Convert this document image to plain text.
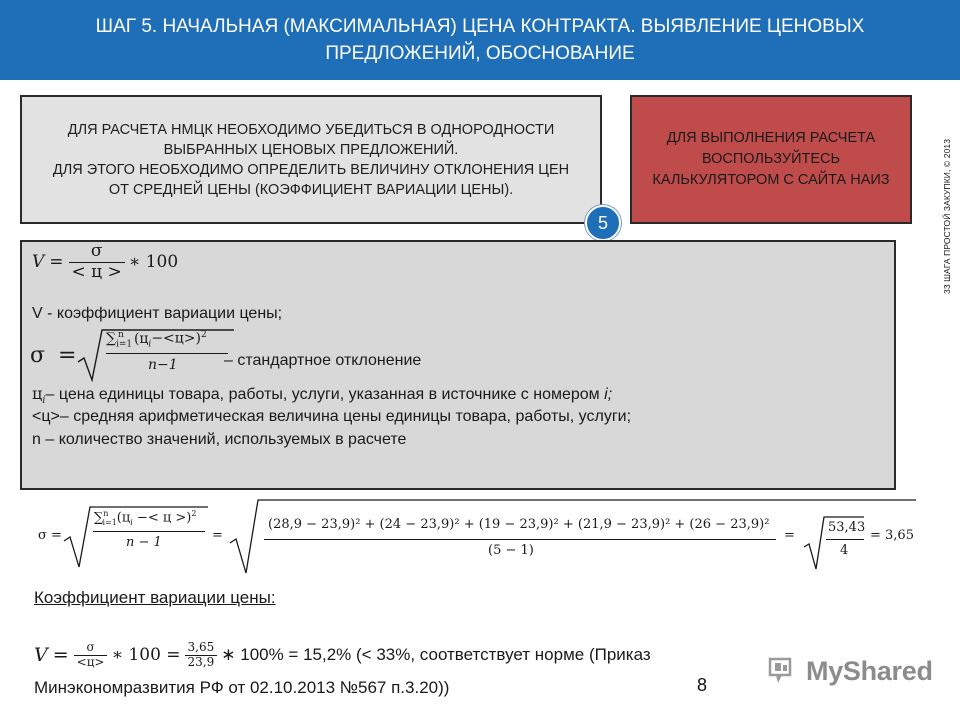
ШАГ 5. НАЧАЛЬНАЯ (МАКСИМАЛЬНАЯ) ЦЕНА КОНТРАКТА. ВЫЯВЛЕНИЕ ЦЕНОВЫХ ПРЕДЛОЖЕНИЙ, ОБОСНОВАНИЕ
ДЛЯ РАСЧЕТА НМЦК НЕОБХОДИМО УБЕДИТЬСЯ В ОДНОРОДНОСТИ
ВЫБРАННЫХ ЦЕНОВЫХ ПРЕДЛОЖЕНИЙ.
ДЛЯ ЭТОГО НЕОБХОДИМО ОПРЕДЕЛИТЬ ВЕЛИЧИНУ ОТКЛОНЕНИЯ ЦЕН
ОТ СРЕДНЕЙ ЦЕНЫ (КОЭФФИЦИЕНТ ВАРИАЦИИ ЦЕНЫ).
ДЛЯ ВЫПОЛНЕНИЯ РАСЧЕТА
ВОСПОЛЬЗУЙТЕСЬ
КАЛЬКУЛЯТОРОМ С САЙТА НАИЗ
5	33 ШАГА ПРОСТОЙ ЗАКУПКИ, © 2013
$V = \frac{\sigma}{< ц >}$ ∗ 100
V - коэффициент вариации цены;
σ =
$\sum_{i=1}^n$ $(ц_i-<ц>)^2$
n−1	– стандартное отклонение
$ц_i-$ цена единицы товара, работы, услуги, указанная в источнике с номером i;
<ц>– средняя арифметическая величина цены единицы товара, работы, услуги;
n – количество значений, используемых в расчете
σ =
$\sum^n_{i=1}(ц_i -< ц >)^2$
n − 1	=
(28,9 − 23,9)² + (24 − 23,9)² + (19 − 23,9)² + (21,9 − 23,9)² + (26 − 23,9)²
(5 − 1)
=
53,43
4
= 3,65
Коэффициент вариации цены:
$V = \frac{\sigma}{<ц>}$ ∗ $100 = \frac{3,65}{23,9}$ ∗ 100% = 15,2% (< 33%, соответствует норме (Приказ
Минэкономразвития РФ от 02.10.2013 №567 п.3.20))	8	MyShared
